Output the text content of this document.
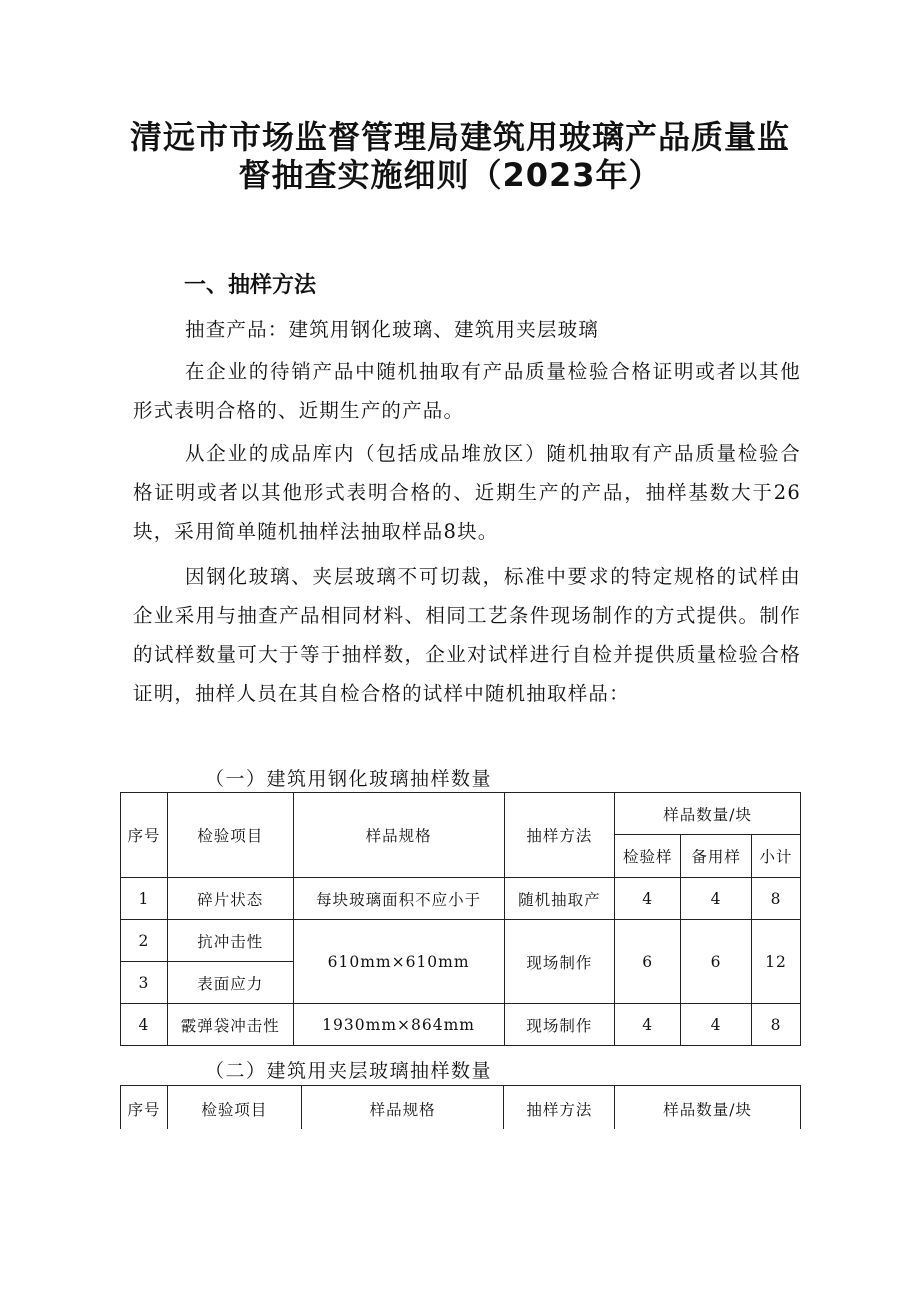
清远市市场监督管理局建筑用玻璃产品质量监
督抽查实施细则（2023年）
一、抽样方法

抽查产品：建筑用钢化玻璃、建筑用夹层玻璃

在企业的待销产品中随机抽取有产品质量检验合格证明或者以其他形式表明合格的、近期生产的产品。

从企业的成品库内（包括成品堆放区）随机抽取有产品质量检验合格证明或者以其他形式表明合格的、近期生产的产品，抽样基数大于26块，采用简单随机抽样法抽取样品8块。

因钢化玻璃、夹层玻璃不可切裁，标准中要求的特定规格的试样由企业采用与抽查产品相同材料、相同工艺条件现场制作的方式提供。制作的试样数量可大于等于抽样数，企业对试样进行自检并提供质量检验合格证明，抽样人员在其自检合格的试样中随机抽取样品：

（一）建筑用钢化玻璃抽样数量
序号	检验项目	样品规格	抽样方法	样品数量/块		
				检验样	备用样	小计
1	碎片状态	每块玻璃面积不应小于	随机抽取产	4	4	8
2	抗冲击性	610mm×610mm	现场制作	6	6	12
3	表面应力					
4	霰弹袋冲击性	1930mm×864mm	现场制作	4	4	8
（二）建筑用夹层玻璃抽样数量
序号	检验项目	样品规格	抽样方法	样品数量/块
